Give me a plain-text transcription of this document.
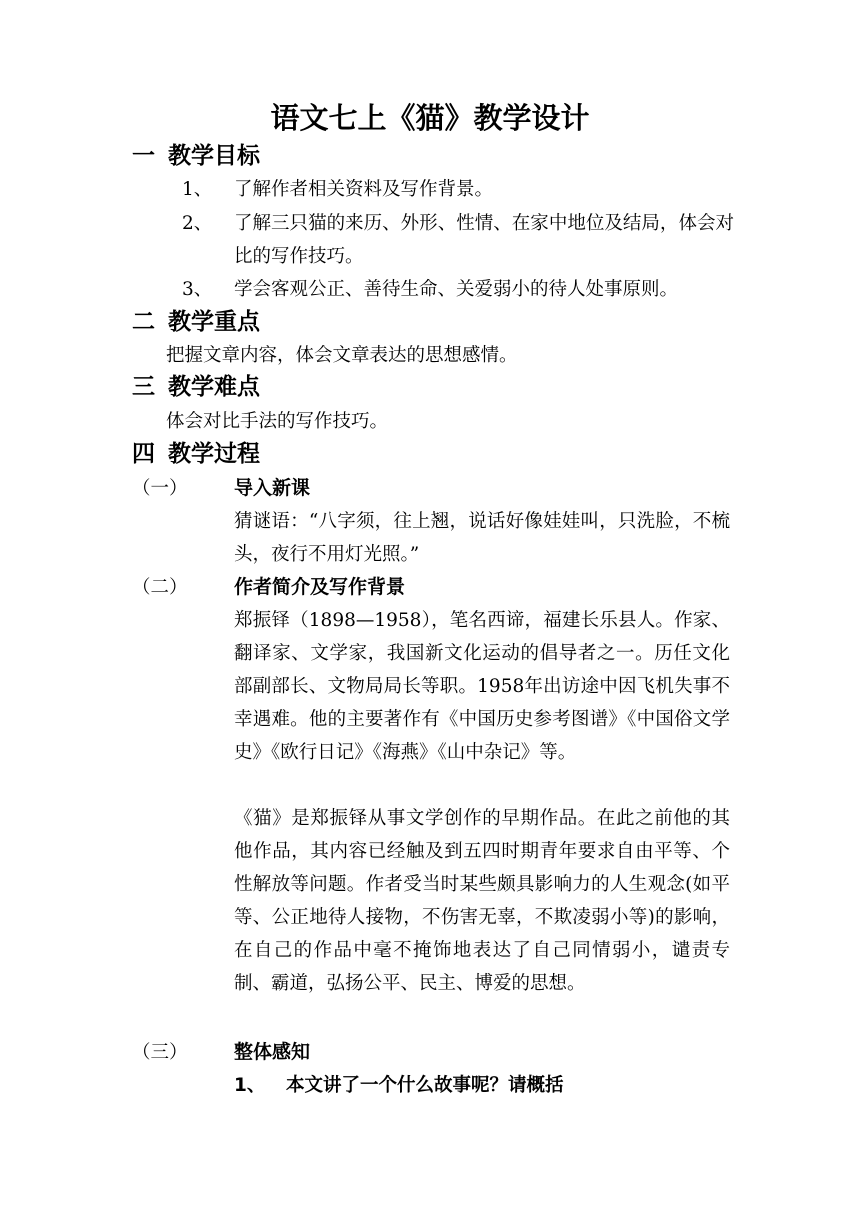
语文七上《猫》教学设计
一 教学目标
1、 了解作者相关资料及写作背景。
2、 了解三只猫的来历、外形、性情、在家中地位及结局，体会对比的写作技巧。
3、 学会客观公正、善待生命、关爱弱小的待人处事原则。
二 教学重点
把握文章内容，体会文章表达的思想感情。
三 教学难点
体会对比手法的写作技巧。
四 教学过程
（一） 导入新课

猜谜语：“八字须，往上翘，说话好像娃娃叫，只洗脸，不梳头，夜行不用灯光照。”

（二） 作者简介及写作背景

郑振铎（1898—1958），笔名西谛，福建长乐县人。作家、翻译家、文学家，我国新文化运动的倡导者之一。历任文化部副部长、文物局局长等职。1958年出访途中因飞机失事不幸遇难。他的主要著作有《中国历史参考图谱》《中国俗文学史》《欧行日记》《海燕》《山中杂记》等。

《猫》是郑振铎从事文学创作的早期作品。在此之前他的其他作品，其内容已经触及到五四时期青年要求自由平等、个性解放等问题。作者受当时某些颇具影响力的人生观念(如平等、公正地待人接物，不伤害无辜，不欺凌弱小等)的影响，在自己的作品中毫不掩饰地表达了自己同情弱小，谴责专制、霸道，弘扬公平、民主、博爱的思想。

（三） 整体感知
1、 本文讲了一个什么故事呢？请概括
